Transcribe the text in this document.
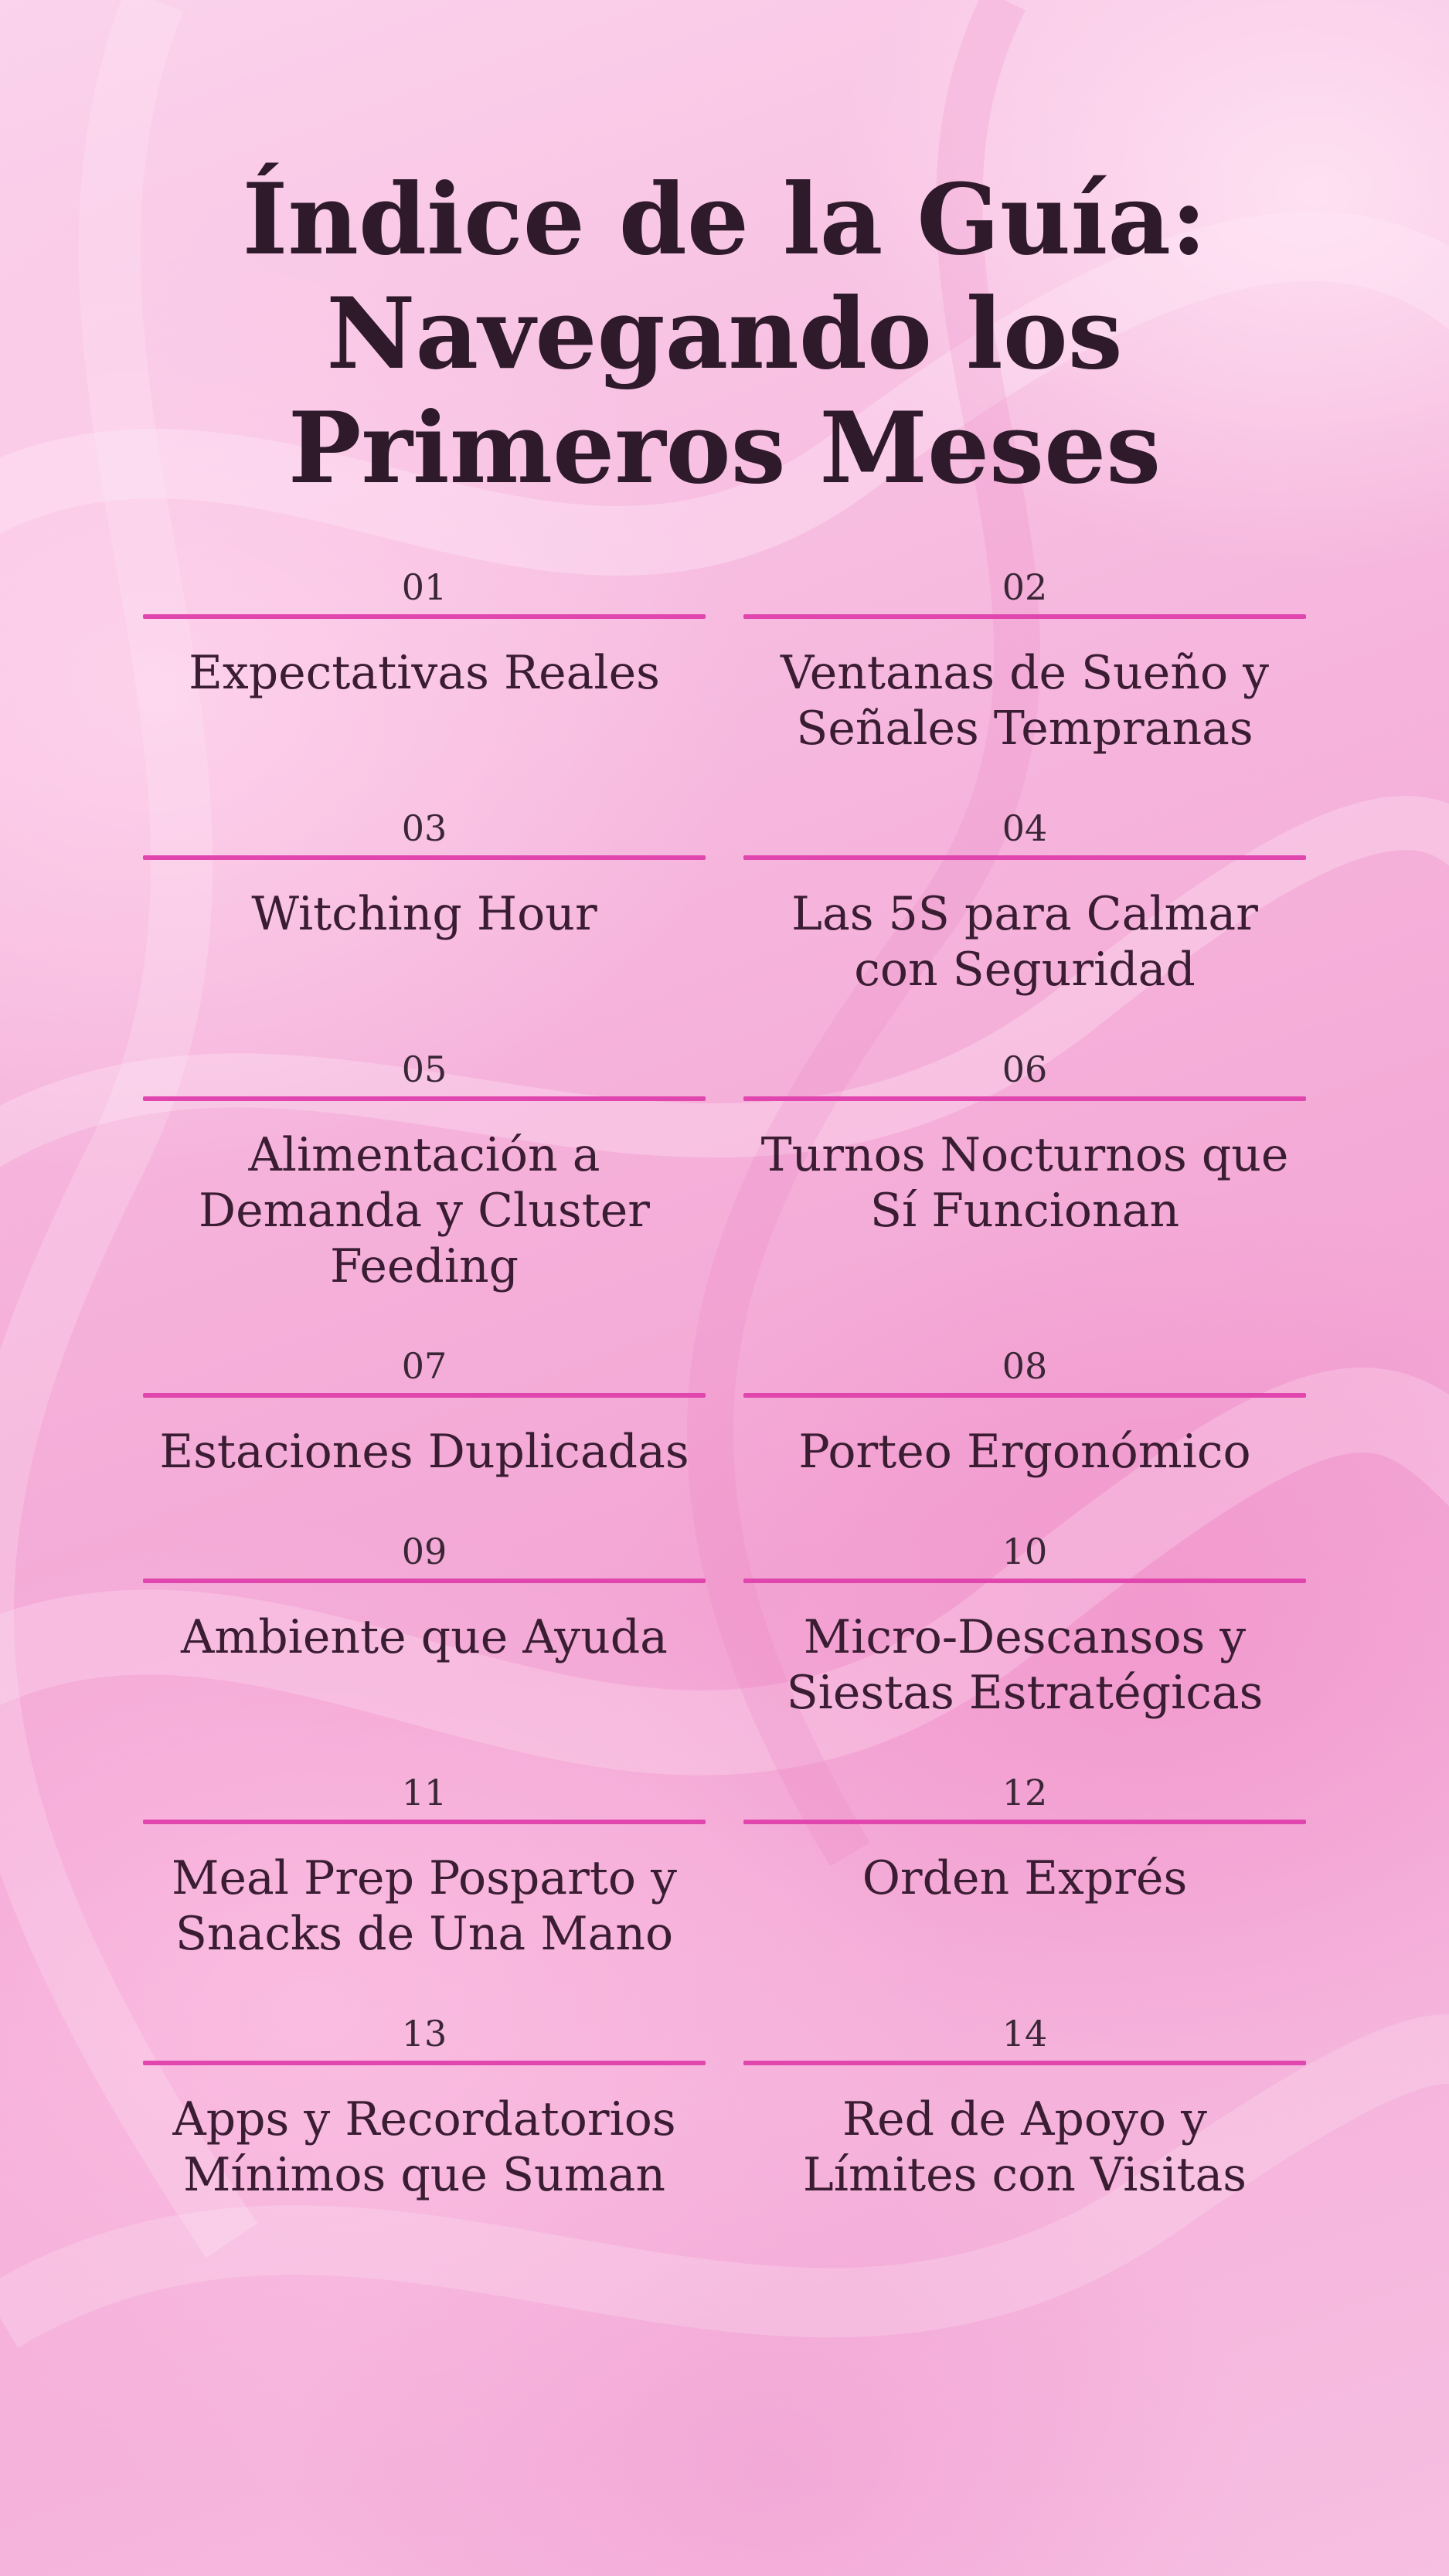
Índice de la Guía: Navegando los Primeros Meses
01
Expectativas Reales
02
Ventanas de Sueño y Señales Tempranas
03
Witching Hour
04
Las 5S para Calmar con Seguridad
05
Alimentación a Demanda y Cluster Feeding
06
Turnos Nocturnos que Sí Funcionan
07
Estaciones Duplicadas
08
Porteo Ergonómico
09
Ambiente que Ayuda
10
Micro-Descansos y Siestas Estratégicas
11
Meal Prep Posparto y Snacks de Una Mano
12
Orden Exprés
13
Apps y Recordatorios Mínimos que Suman
14
Red de Apoyo y Límites con Visitas
